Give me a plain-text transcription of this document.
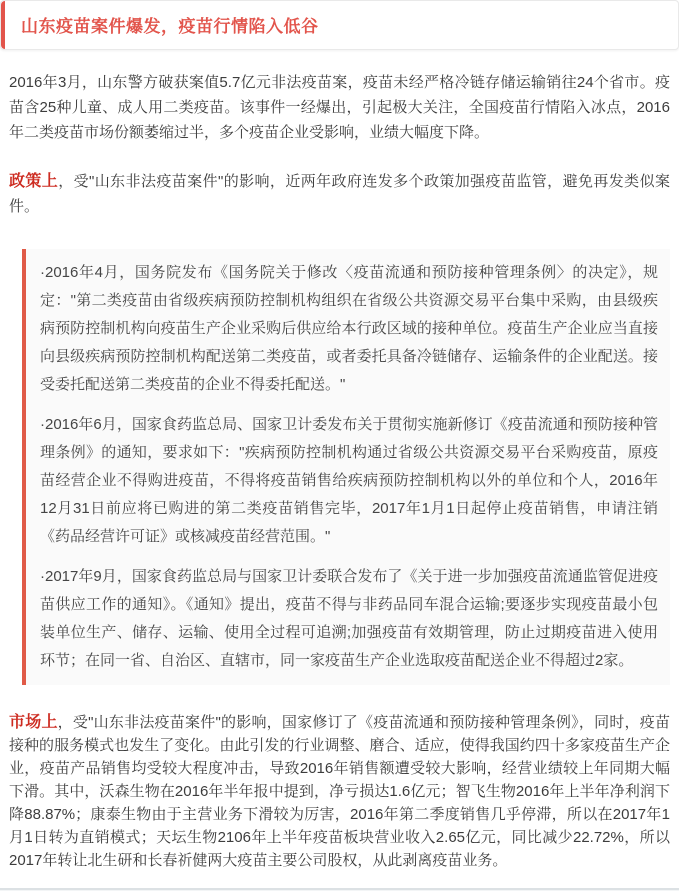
山东疫苗案件爆发，疫苗行情陷入低谷

2016年3月，山东警方破获案值5.7亿元非法疫苗案，疫苗未经严格冷链存储运输销往24个省市。疫苗含25种儿童、成人用二类疫苗。该事件一经爆出，引起极大关注，全国疫苗行情陷入冰点，2016年二类疫苗市场份额萎缩过半，多个疫苗企业受影响，业绩大幅度下降。

政策上，受"山东非法疫苗案件"的影响，近两年政府连发多个政策加强疫苗监管，避免再发类似案件。

·2016年4月，国务院发布《国务院关于修改〈疫苗流通和预防接种管理条例〉的决定》，规定："第二类疫苗由省级疾病预防控制机构组织在省级公共资源交易平台集中采购，由县级疾病预防控制机构向疫苗生产企业采购后供应给本行政区域的接种单位。疫苗生产企业应当直接向县级疾病预防控制机构配送第二类疫苗，或者委托具备冷链储存、运输条件的企业配送。接受委托配送第二类疫苗的企业不得委托配送。"

·2016年6月，国家食药监总局、国家卫计委发布关于贯彻实施新修订《疫苗流通和预防接种管理条例》的通知，要求如下："疾病预防控制机构通过省级公共资源交易平台采购疫苗，原疫苗经营企业不得购进疫苗，不得将疫苗销售给疾病预防控制机构以外的单位和个人，2016年12月31日前应将已购进的第二类疫苗销售完毕，2017年1月1日起停止疫苗销售，申请注销《药品经营许可证》或核减疫苗经营范围。"

·2017年9月，国家食药监总局与国家卫计委联合发布了《关于进一步加强疫苗流通监管促进疫苗供应工作的通知》。《通知》提出，疫苗不得与非药品同车混合运输;要逐步实现疫苗最小包装单位生产、储存、运输、使用全过程可追溯;加强疫苗有效期管理，防止过期疫苗进入使用环节；在同一省、自治区、直辖市，同一家疫苗生产企业选取疫苗配送企业不得超过2家。

市场上，受"山东非法疫苗案件"的影响，国家修订了《疫苗流通和预防接种管理条例》，同时，疫苗接种的服务模式也发生了变化。由此引发的行业调整、磨合、适应，使得我国约四十多家疫苗生产企业，疫苗产品销售均受较大程度冲击，导致2016年销售额遭受较大影响，经营业绩较上年同期大幅下滑。其中，沃森生物在2016年半年报中提到，净亏损达1.6亿元；智飞生物2016年上半年净利润下降88.87%；康泰生物由于主营业务下滑较为厉害，2016年第二季度销售几乎停滞，所以在2017年1月1日转为直销模式；天坛生物2106年上半年疫苗板块营业收入2.65亿元，同比减少22.72%，所以2017年转让北生研和长春祈健两大疫苗主要公司股权，从此剥离疫苗业务。
